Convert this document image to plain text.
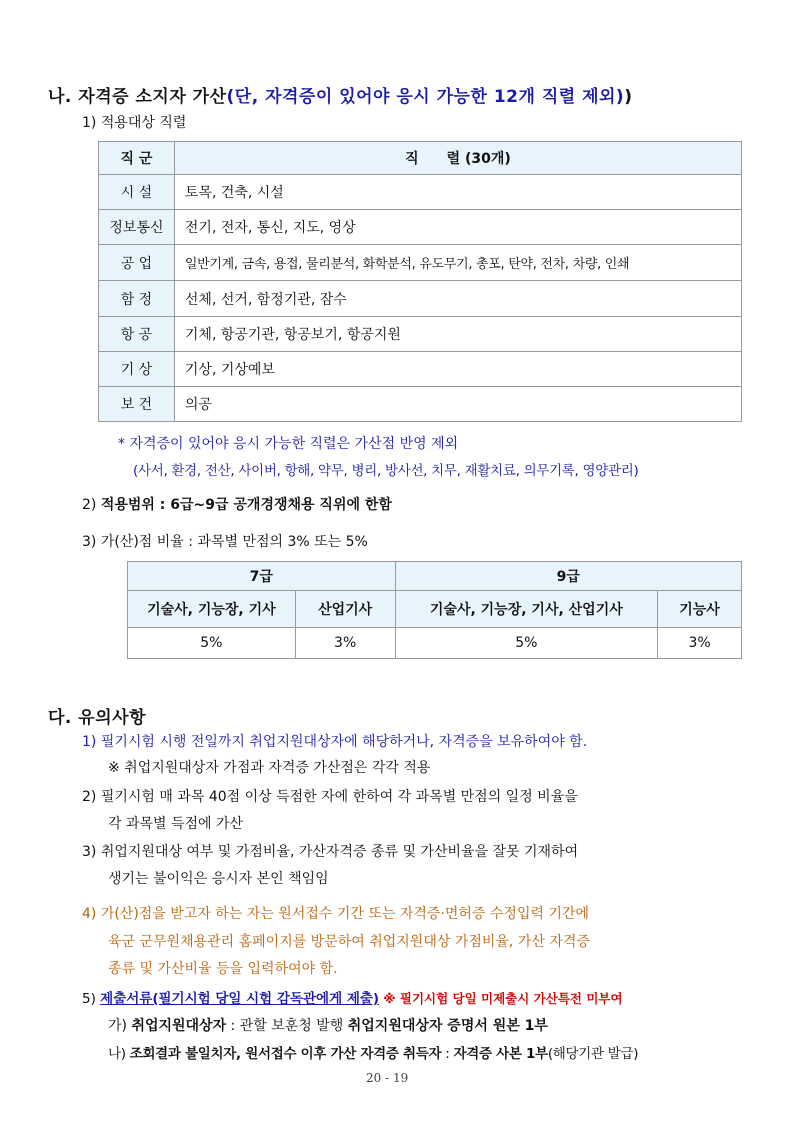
나. 자격증 소지자 가산(단, 자격증이 있어야 응시 가능한 12개 직렬 제외))
1) 적용대상 직렬
직 군	직　　렬 (30개)
시 설	토목, 건축, 시설
정보통신	전기, 전자, 통신, 지도, 영상
공 업	일반기계, 금속, 용접, 물리분석, 화학분석, 유도무기, 총포, 탄약, 전차, 차량, 인쇄
함 정	선체, 선거, 함정기관, 잠수
항 공	기체, 항공기관, 항공보기, 항공지원
기 상	기상, 기상예보
보 건	의공
* 자격증이 있어야 응시 가능한 직렬은 가산점 반영 제외
(사서, 환경, 전산, 사이버, 항해, 약무, 병리, 방사선, 치무, 재활치료, 의무기록, 영양관리)
2) 적용범위 : 6급~9급 공개경쟁채용 직위에 한함
3) 가(산)점 비율 : 과목별 만점의 3% 또는 5%
7급		9급	
기술사, 기능장, 기사	산업기사	기술사, 기능장, 기사, 산업기사	기능사
5%	3%	5%	3%
다. 유의사항
1) 필기시험 시행 전일까지 취업지원대상자에 해당하거나, 자격증을 보유하여야 함.
※ 취업지원대상자 가점과 자격증 가산점은 각각 적용
2) 필기시험 매 과목 40점 이상 득점한 자에 한하여 각 과목별 만점의 일정 비율을
각 과목별 득점에 가산
3) 취업지원대상 여부 및 가점비율, 가산자격증 종류 및 가산비율을 잘못 기재하여
생기는 불이익은 응시자 본인 책임임
4) 가(산)점을 받고자 하는 자는 원서접수 기간 또는 자격증·면허증 수정입력 기간에
육군 군무원채용관리 홈페이지를 방문하여 취업지원대상 가점비율, 가산 자격증
종류 및 가산비율 등을 입력하여야 함.
5) 제출서류(필기시험 당일 시험 감독관에게 제출) ※ 필기시험 당일 미제출시 가산특전 미부여
가) 취업지원대상자 : 관할 보훈청 발행 취업지원대상자 증명서 원본 1부
나) 조회결과 불일치자, 원서접수 이후 가산 자격증 취득자 : 자격증 사본 1부(해당기관 발급)
20 - 19
